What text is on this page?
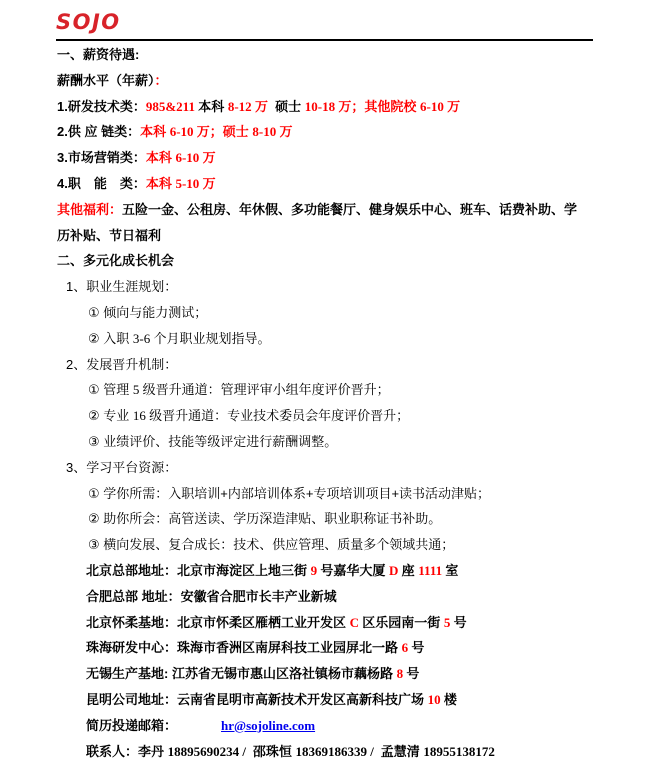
SOJO
一、薪资待遇:
薪酬水平（年薪）：
1.研发技术类：985&211 本科 8-12 万  硕士 10-18 万；其他院校 6-10 万
2.供 应 链类：本科 6-10 万；硕士 8-10 万
3.市场营销类：本科 6-10 万
4.职　能　类：本科 5-10 万
其他福利：五险一金、公租房、年休假、多功能餐厅、健身娱乐中心、班车、话费补助、学
历补贴、节日福利
二、多元化成长机会
1、职业生涯规划：
① 倾向与能力测试；
② 入职 3-6 个月职业规划指导。
2、发展晋升机制：
① 管理 5 级晋升通道：管理评审小组年度评价晋升；
② 专业 16 级晋升通道：专业技术委员会年度评价晋升；
③ 业绩评价、技能等级评定进行薪酬调整。
3、学习平台资源：
① 学你所需：入职培训+内部培训体系+专项培训项目+读书活动津贴；
② 助你所会：高管送读、学历深造津贴、职业职称证书补助。
③ 横向发展、复合成长：技术、供应管理、质量多个领域共通；
北京总部地址：北京市海淀区上地三街 9 号嘉华大厦 D 座 1111 室
合肥总部 地址：安徽省合肥市长丰产业新城
北京怀柔基地：北京市怀柔区雁栖工业开发区 C 区乐园南一街 5 号
珠海研发中心：珠海市香洲区南屏科技工业园屏北一路 6 号
无锡生产基地: 江苏省无锡市惠山区洛社镇杨市藕杨路 8 号
昆明公司地址：云南省昆明市高新技术开发区高新科技广场 10 楼
简历投递邮箱：	hr@sojoline.com
联系人：李丹 18895690234 /  邵珠恒 18369186339 /  孟慧清 18955138172
